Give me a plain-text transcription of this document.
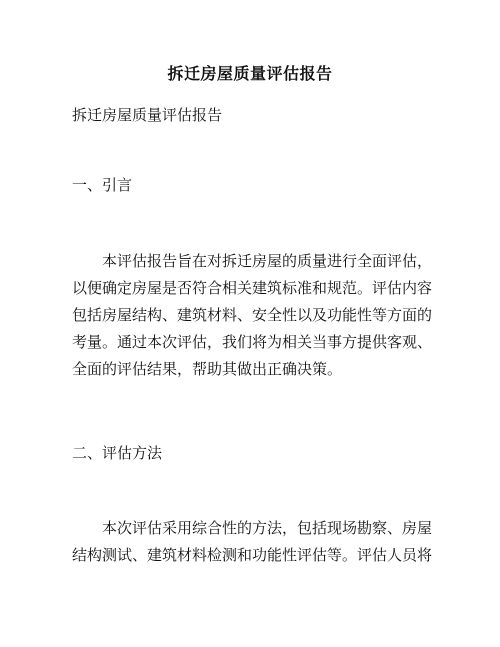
拆迁房屋质量评估报告
拆迁房屋质量评估报告
一、引言
本评估报告旨在对拆迁房屋的质量进行全面评估，
以便确定房屋是否符合相关建筑标准和规范。评估内容
包括房屋结构、建筑材料、安全性以及功能性等方面的
考量。通过本次评估，我们将为相关当事方提供客观、
全面的评估结果，帮助其做出正确决策。
二、评估方法
本次评估采用综合性的方法，包括现场勘察、房屋
结构测试、建筑材料检测和功能性评估等。评估人员将
